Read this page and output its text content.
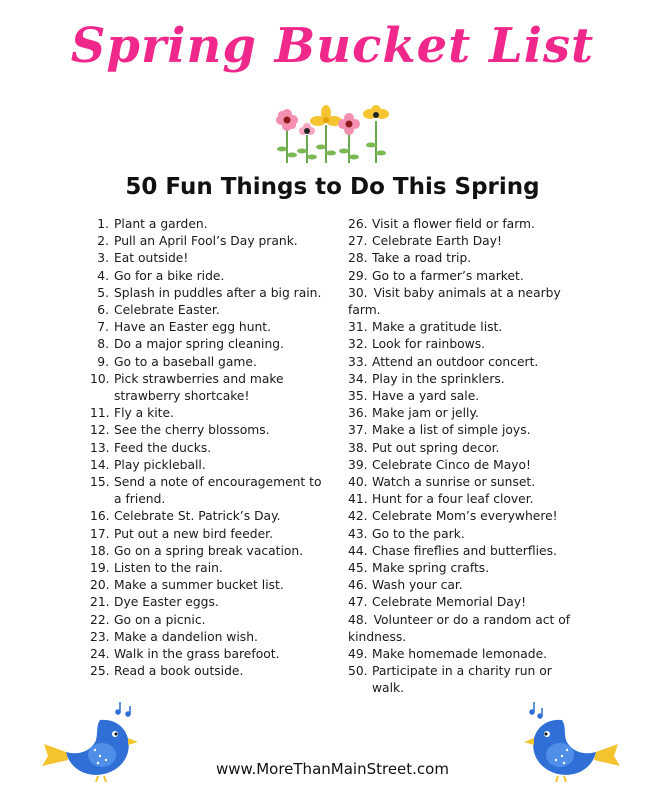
Spring Bucket List
50 Fun Things to Do This Spring
1. Plant a garden.
2. Pull an April Fool’s Day prank.
3. Eat outside!
4. Go for a bike ride.
5. Splash in puddles after a big rain.
6. Celebrate Easter.
7. Have an Easter egg hunt.
8. Do a major spring cleaning.
9. Go to a baseball game.
10. Pick strawberries and make strawberry shortcake!
11. Fly a kite.
12. See the cherry blossoms.
13. Feed the ducks.
14. Play pickleball.
15. Send a note of encouragement to a friend.
16. Celebrate St. Patrick’s Day.
17. Put out a new bird feeder.
18. Go on a spring break vacation.
19. Listen to the rain.
20. Make a summer bucket list.
21. Dye Easter eggs.
22. Go on a picnic.
23. Make a dandelion wish.
24. Walk in the grass barefoot.
25. Read a book outside.
26. Visit a flower field or farm.
27. Celebrate Earth Day!
28. Take a road trip.
29. Go to a farmer’s market.
30. Visit baby animals at a nearby farm.
31. Make a gratitude list.
32. Look for rainbows.
33. Attend an outdoor concert.
34. Play in the sprinklers.
35. Have a yard sale.
36. Make jam or jelly.
37. Make a list of simple joys.
38. Put out spring decor.
39. Celebrate Cinco de Mayo!
40. Watch a sunrise or sunset.
41. Hunt for a four leaf clover.
42. Celebrate Mom’s everywhere!
43. Go to the park.
44. Chase fireflies and butterflies.
45. Make spring crafts.
46. Wash your car.
47. Celebrate Memorial Day!
48. Volunteer or do a random act of kindness.
49. Make homemade lemonade.
50. Participate in a charity run or walk.
www.MoreThanMainStreet.com
